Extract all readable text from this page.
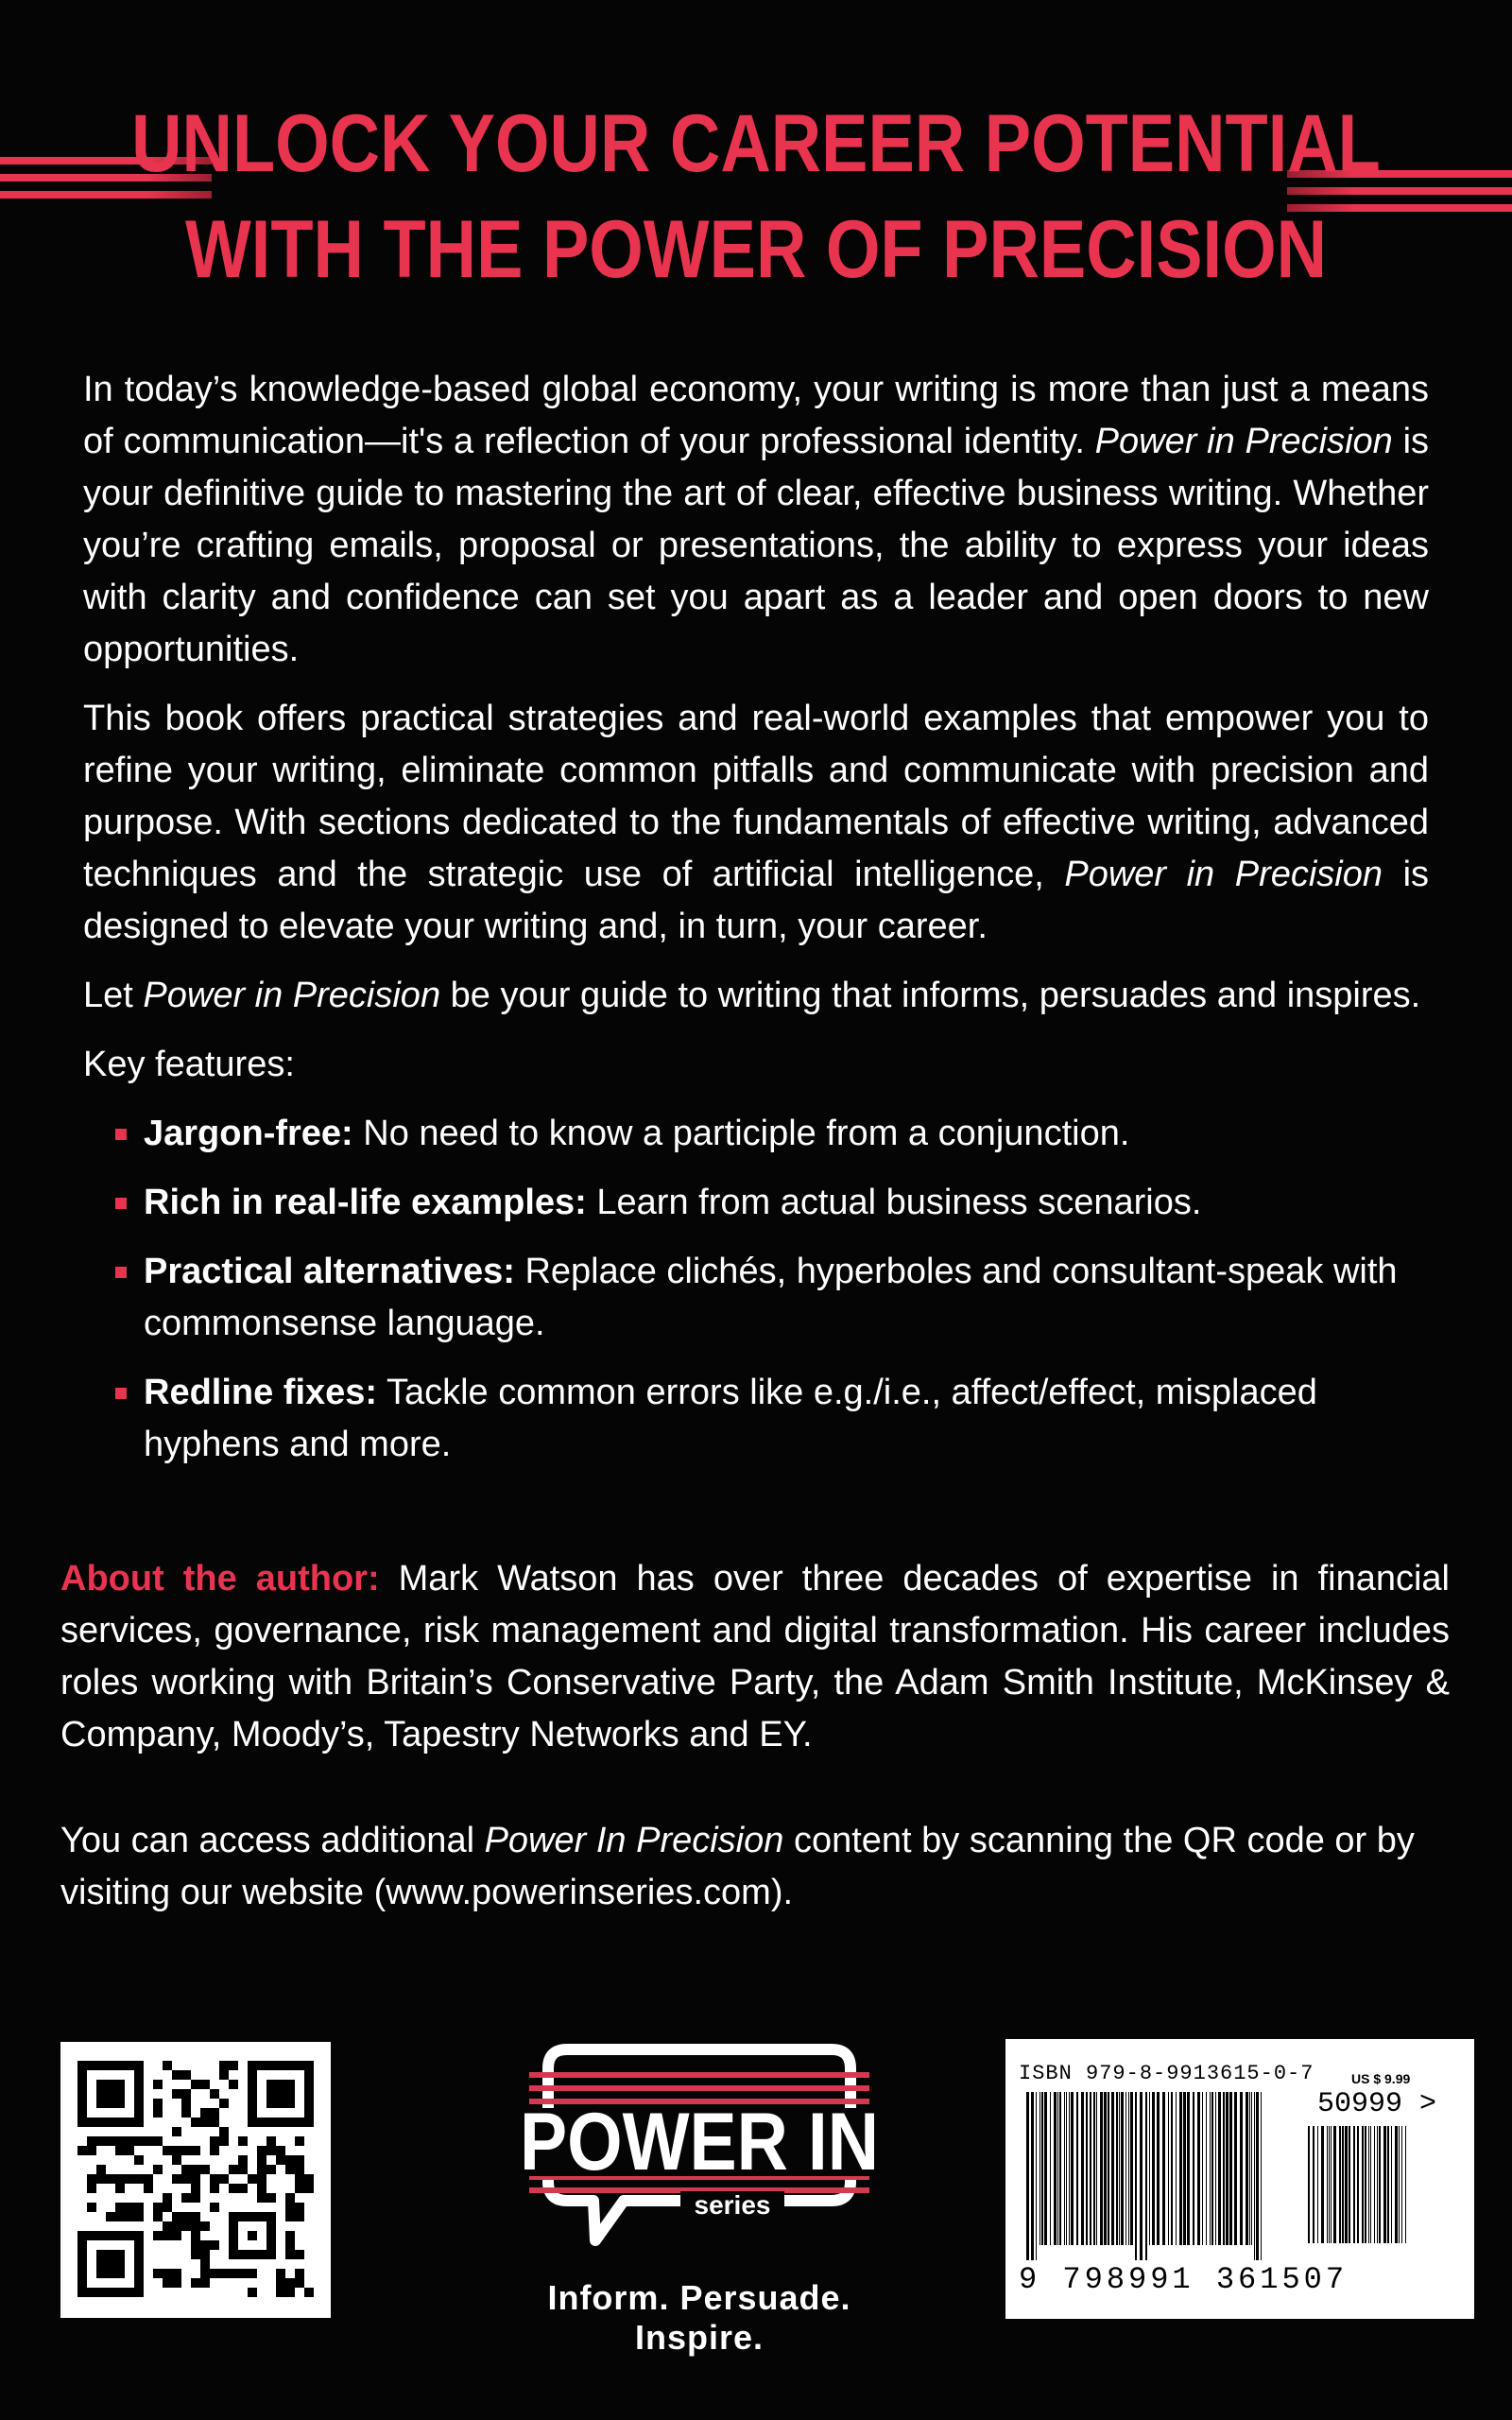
UNLOCK YOUR CAREER POTENTIAL
WITH THE POWER OF PRECISION

In today’s knowledge-based global economy, your writing is more than just a means of communication—it's a reflection of your professional identity. Power in Precision is your definitive guide to mastering the art of clear, effective business writing. Whether you’re crafting emails, proposal or presentations, the ability to express your ideas with clarity and confidence can set you apart as a leader and open doors to new opportunities.

This book offers practical strategies and real-world examples that empower you to refine your writing, eliminate common pitfalls and communicate with precision and purpose. With sections dedicated to the fundamentals of effective writing, advanced techniques and the strategic use of artificial intelligence, Power in Precision is designed to elevate your writing and, in turn, your career.

Let Power in Precision be your guide to writing that informs, persuades and inspires.

Key features:

Jargon-free: No need to know a participle from a conjunction.
Rich in real-life examples: Learn from actual business scenarios.
Practical alternatives: Replace clichés, hyperboles and consultant-speak with commonsense language.
Redline fixes: Tackle common errors like e.g./i.e., affect/effect, misplaced hyphens and more.
About the author: Mark Watson has over three decades of expertise in financial services, governance, risk management and digital transformation. His career includes roles working with Britain’s Conservative Party, the Adam Smith Institute, McKinsey & Company, Moody’s, Tapestry Networks and EY.
You can access additional Power In Precision content by scanning the QR code or by visiting our website (www.powerinseries.com).
POWER IN
series
Inform. Persuade. Inspire.
ISBN 979-8-9913615-0-7	US $ 9.99
50999 >
9 798991 361507
